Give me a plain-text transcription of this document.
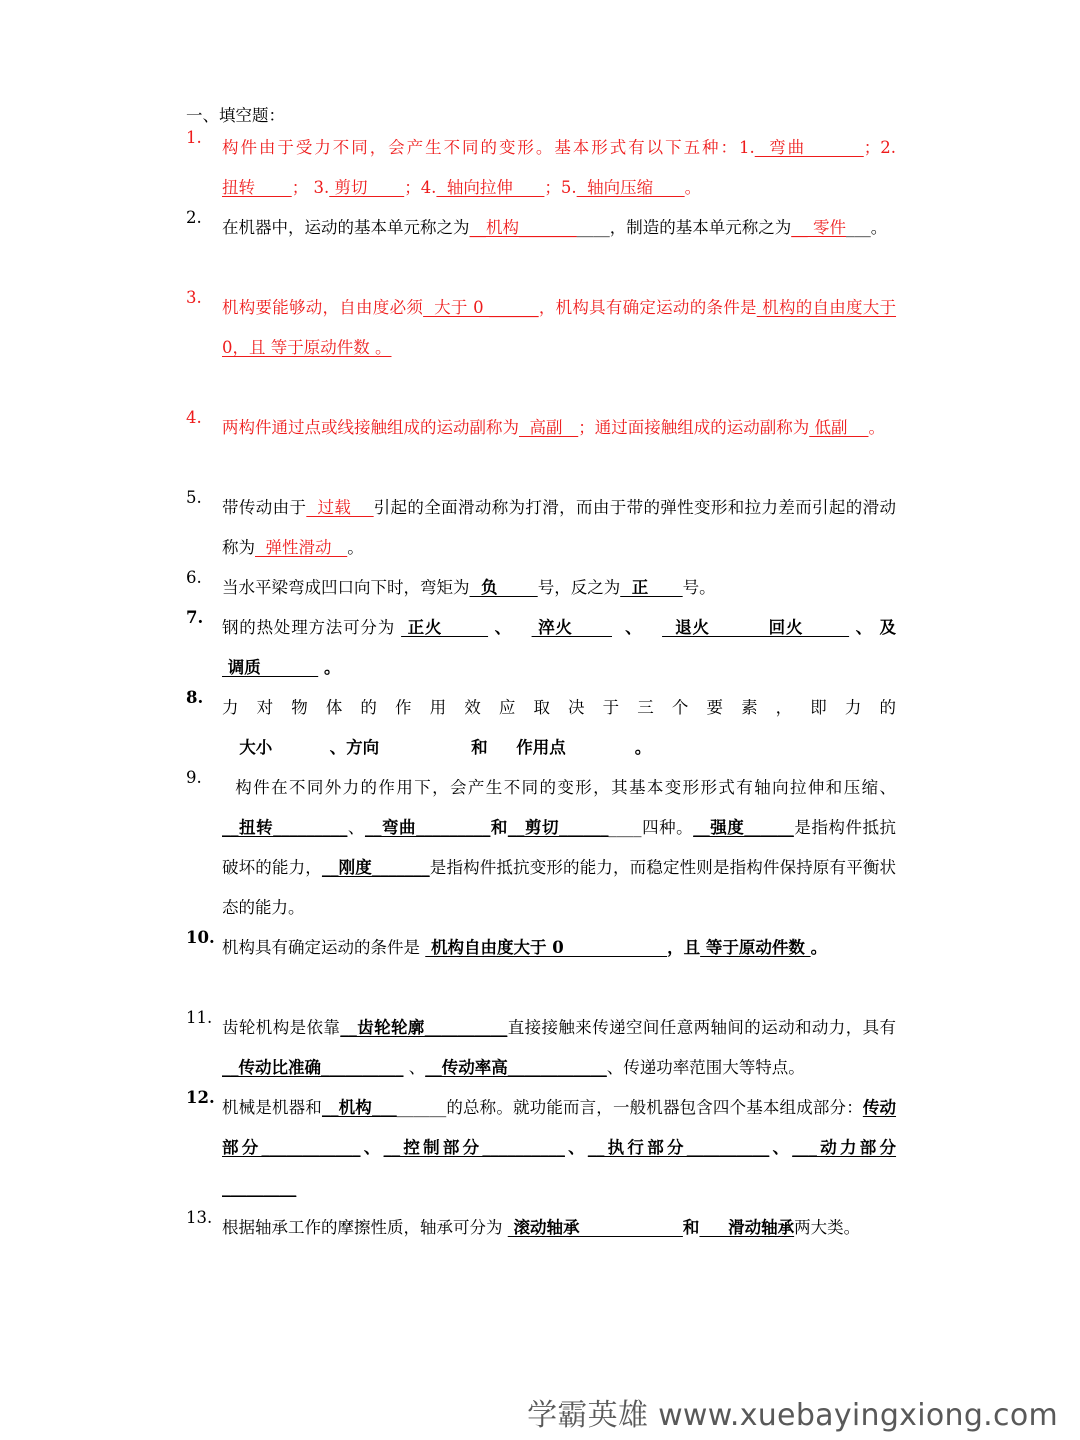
一、填空题：
1.
构件由于受力不同，会产生不同的变形。基本形式有以下五种：1.  弯曲        ；2.扭转       ； 3. 剪切       ；4.  轴向拉伸      ；5.  轴向压缩      。
2.
在机器中，运动的基本单元称之为__机构___________，制造的基本单元称之为__ 零件___。
3.
机构要能够动，自由度必须  大于 0 ______，机构具有确定运动的条件是 机构的自由度大于 0，且 等于原动件数 。
4.
两构件通过点或线接触组成的运动副称为  高副   ；通过面接触组成的运动副称为 低副    。
5.
带传动由于  过载    引起的全面滑动称为打滑，而由于带的弹性变形和拉力差而引起的滑动称为  弹性滑动   。
6.
当水平梁弯成凹口向下时，弯矩为  负       号，反之为  正      号。
7.
钢的热处理方法可分为  正火        、    淬火        、     退火         回火        、 及  调质           。
8.
力对物体的作用效应取决于三个要素，即力的   大小          、方向                和     作用点            。
9.
构件在不同外力的作用下，会产生不同的变形，其基本变形形式有轴向拉伸和压缩、__扭转_________、__弯曲_________和__剪切__________四种。__强度______是指构件抵抗破坏的能力，__刚度_______是指构件抵抗变形的能力，而稳定性则是指构件保持原有平衡状态的能力。
10.
机构具有确定运动的条件是  机构自由度大于 0                  ，且 等于原动件数 。
11.
齿轮机构是依靠__齿轮轮廓__________直接接触来传递空间任意两轴间的运动和动力，具有__传动比准确__________ 、__传动率高____________、传递功率范围大等特点。
12.
机械是机器和__机构_________的总称。就功能而言，一般机器包含四个基本组成部分：传动部分____________、__控制部分__________、__执行部分__________、___动力部分_________
13.
根据轴承工作的摩擦性质，轴承可分为  滚动轴承                  和     滑动轴承两大类。
学霸英雄 www.xuebayingxiong.com
